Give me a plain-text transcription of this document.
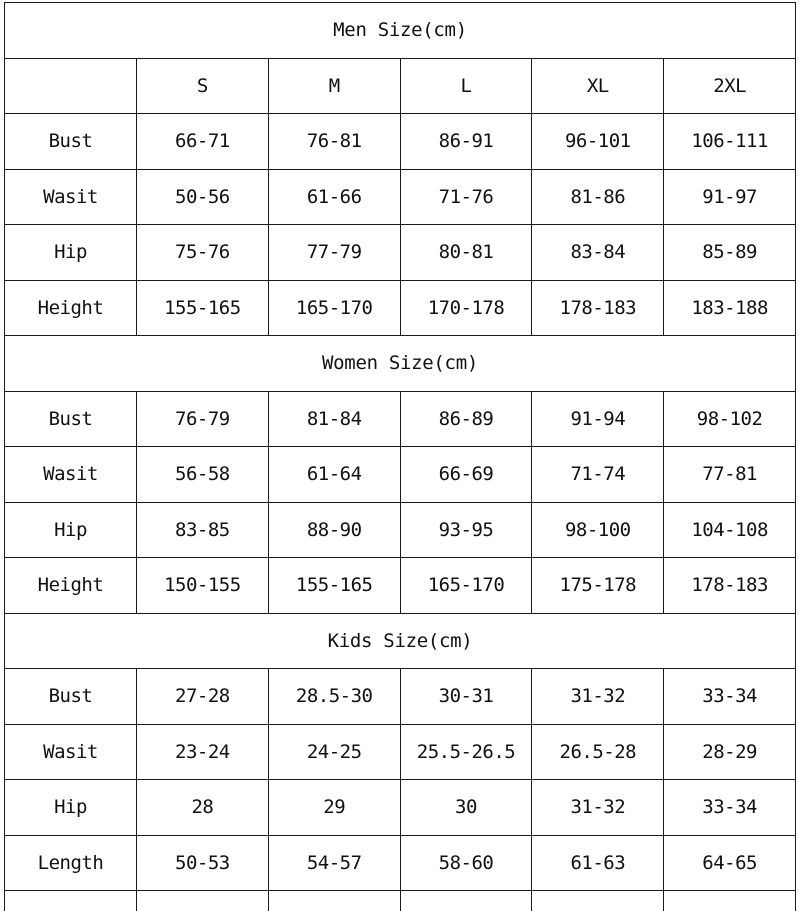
Men Size(cm)					
	S	M	L	XL	2XL
Bust	66-71	76-81	86-91	96-101	106-111
Wasit	50-56	61-66	71-76	81-86	91-97
Hip	75-76	77-79	80-81	83-84	85-89
Height	155-165	165-170	170-178	178-183	183-188
Women Size(cm)					
Bust	76-79	81-84	86-89	91-94	98-102
Wasit	56-58	61-64	66-69	71-74	77-81
Hip	83-85	88-90	93-95	98-100	104-108
Height	150-155	155-165	165-170	175-178	178-183
Kids Size(cm)					
Bust	27-28	28.5-30	30-31	31-32	33-34
Wasit	23-24	24-25	25.5-26.5	26.5-28	28-29
Hip	28	29	30	31-32	33-34
Length	50-53	54-57	58-60	61-63	64-65
